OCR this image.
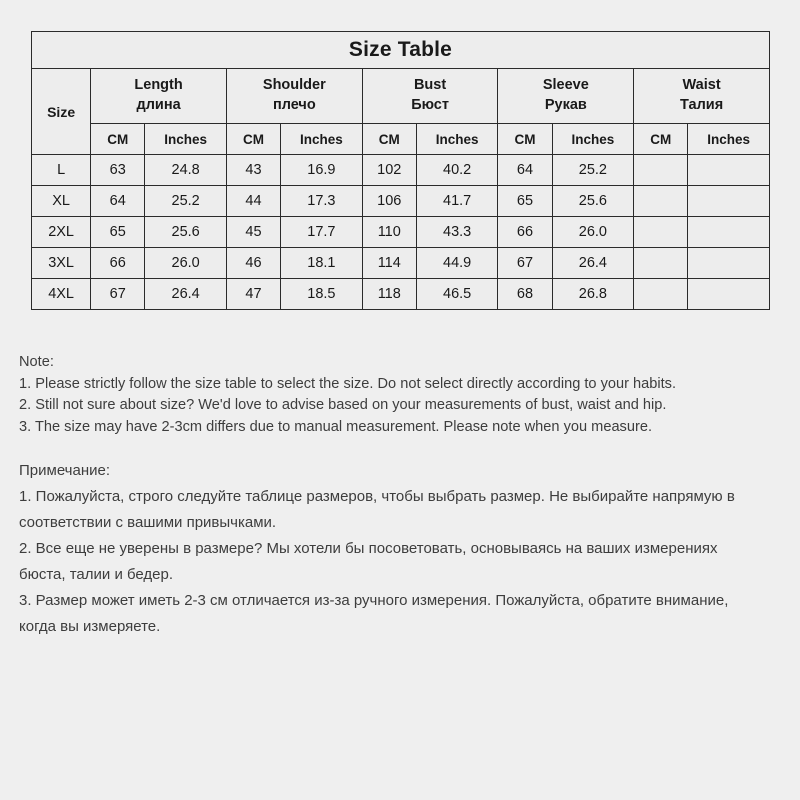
Size Table										
Size	
Length
длина

Shoulder
плечо

Bust
Бюст

Sleeve
Рукав

Waist
Талия

	CM	Inches	CM	Inches	CM	Inches	CM	Inches	CM	Inches
L	63	24.8	43	16.9	102	40.2	64	25.2		
XL	64	25.2	44	17.3	106	41.7	65	25.6		
2XL	65	25.6	45	17.7	110	43.3	66	26.0		
3XL	66	26.0	46	18.1	114	44.9	67	26.4		
4XL	67	26.4	47	18.5	118	46.5	68	26.8		
Note:
1. Please strictly follow the size table to select the size. Do not select directly according to your habits.
2. Still not sure about size? We'd love to advise based on your measurements of bust, waist and hip.
3. The size may have 2-3cm differs due to manual measurement. Please note when you measure.
Примечание:
1. Пожалуйста, строго следуйте таблице размеров, чтобы выбрать размер. Не выбирайте напрямую в соответствии с вашими привычками.
2. Все еще не уверены в размере? Мы хотели бы посоветовать, основываясь на ваших измерениях бюста, талии и бедер.
3. Размер может иметь 2-3 см отличается из-за ручного измерения. Пожалуйста, обратите внимание, когда вы измеряете.
